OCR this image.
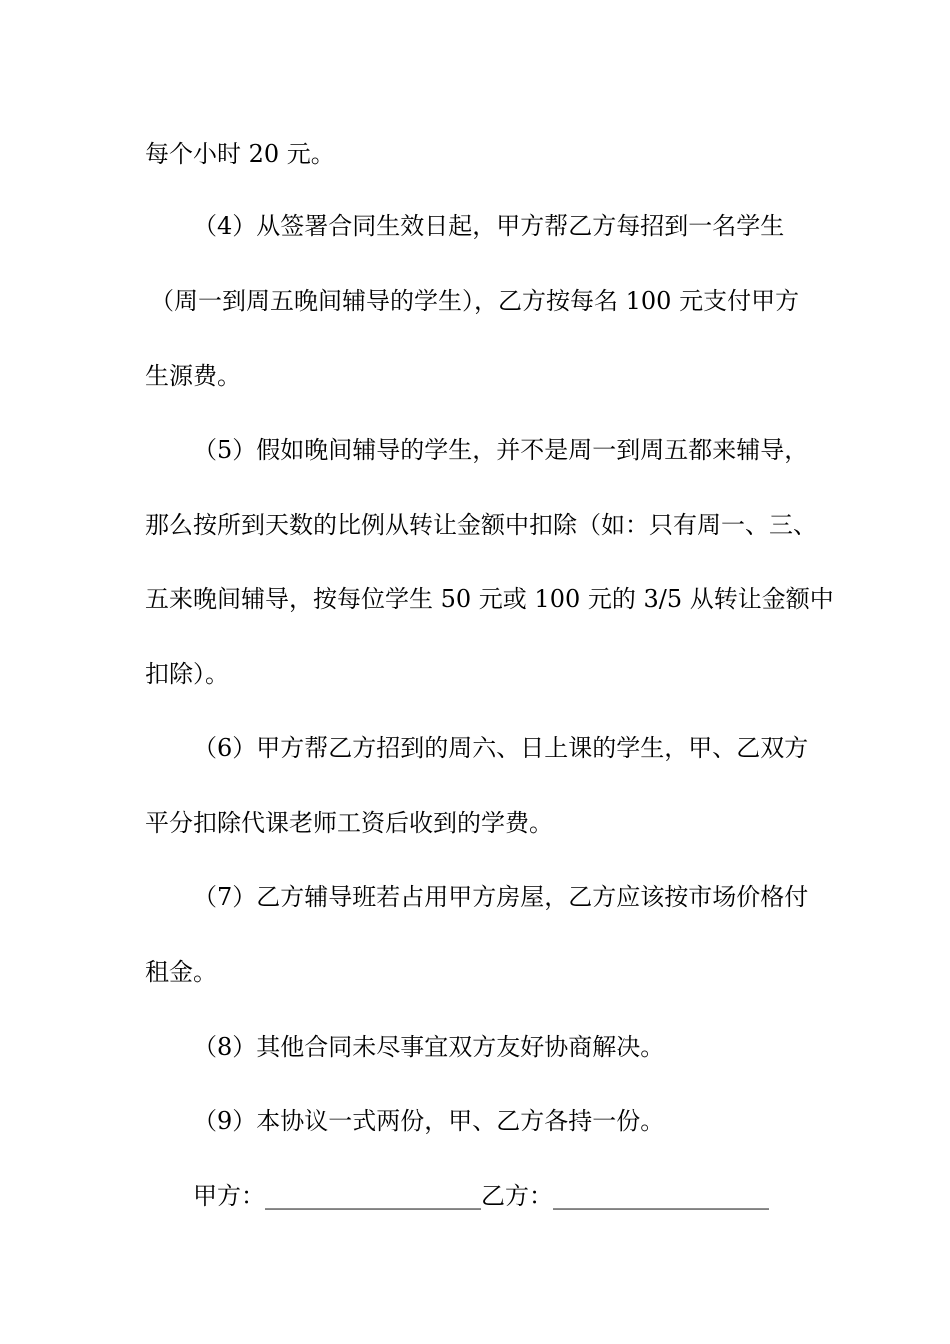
每个小时 20 元。
（4）从签署合同生效日起，甲方帮乙方每招到一名学生
（周一到周五晚间辅导的学生），乙方按每名 100 元支付甲方
生源费。
（5）假如晚间辅导的学生，并不是周一到周五都来辅导，
那么按所到天数的比例从转让金额中扣除（如：只有周一、三、
五来晚间辅导，按每位学生 50 元或 100 元的 3/5 从转让金额中
扣除）。
（6）甲方帮乙方招到的周六、日上课的学生，甲、乙双方
平分扣除代课老师工资后收到的学费。
（7）乙方辅导班若占用甲方房屋，乙方应该按市场价格付
租金。
（8）其他合同未尽事宜双方友好协商解决。
（9）本协议一式两份，甲、乙方各持一份。
甲方：__________________乙方：__________________
